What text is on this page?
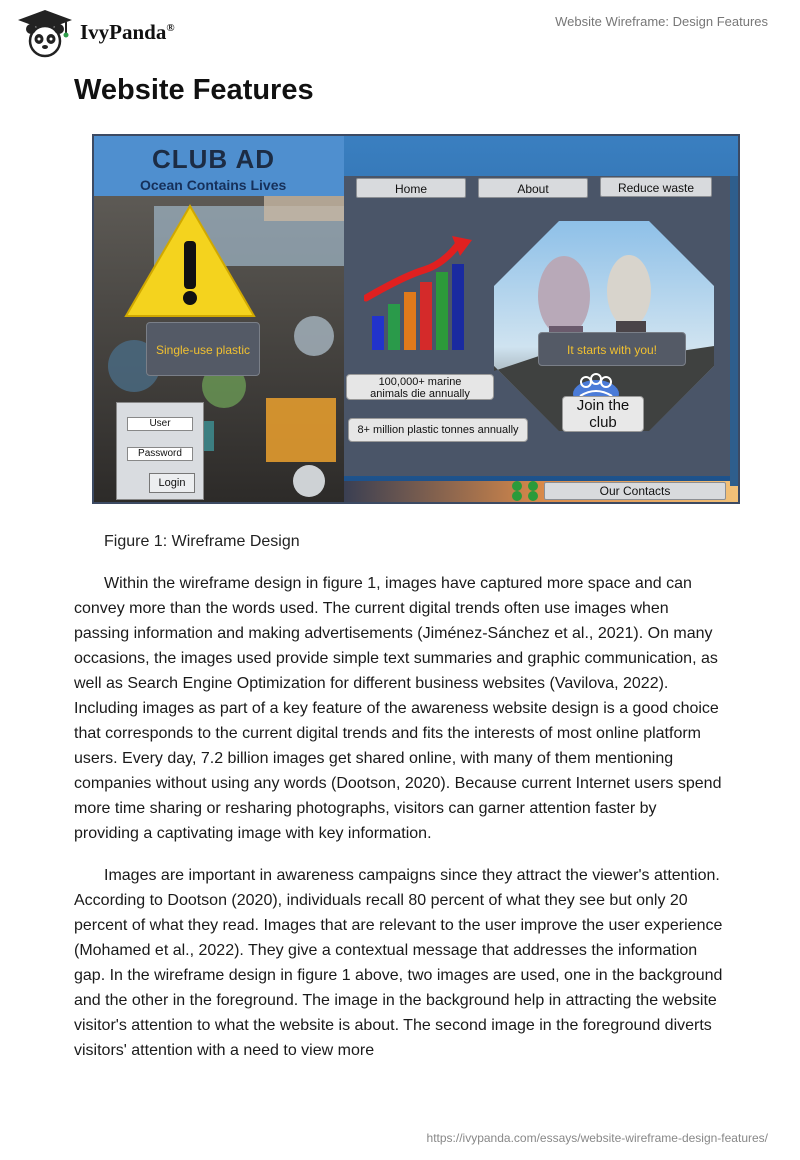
IvyPanda®	Website Wireframe: Design Features
Website Features
CLUB AD
Ocean Contains Lives
It starts with you!
Home	About	Reduce waste
Single-use plastic
100,000+ marine animals die annually
8+ million plastic tonnes annually
User
Password
Login
Join the
club
Our Contacts
Figure 1: Wireframe Design

Within the wireframe design in figure 1, images have captured more space and can convey more than the words used. The current digital trends often use images when passing information and making advertisements (Jiménez-Sánchez et al., 2021). On many occasions, the images used provide simple text summaries and graphic communication, as well as Search Engine Optimization for different business websites (Vavilova, 2022). Including images as part of a key feature of the awareness website design is a good choice that corresponds to the current digital trends and fits the interests of most online platform users. Every day, 7.2 billion images get shared online, with many of them mentioning companies without using any words (Dootson, 2020). Because current Internet users spend more time sharing or resharing photographs, visitors can garner attention faster by providing a captivating image with key information.

Images are important in awareness campaigns since they attract the viewer's attention. According to Dootson (2020), individuals recall 80 percent of what they see but only 20 percent of what they read. Images that are relevant to the user improve the user experience (Mohamed et al., 2022). They give a contextual message that addresses the information gap. In the wireframe design in figure 1 above, two images are used, one in the background and the other in the foreground. The image in the background help in attracting the website visitor's attention to what the website is about. The second image in the foreground diverts visitors' attention with a need to view more

https://ivypanda.com/essays/website-wireframe-design-features/
